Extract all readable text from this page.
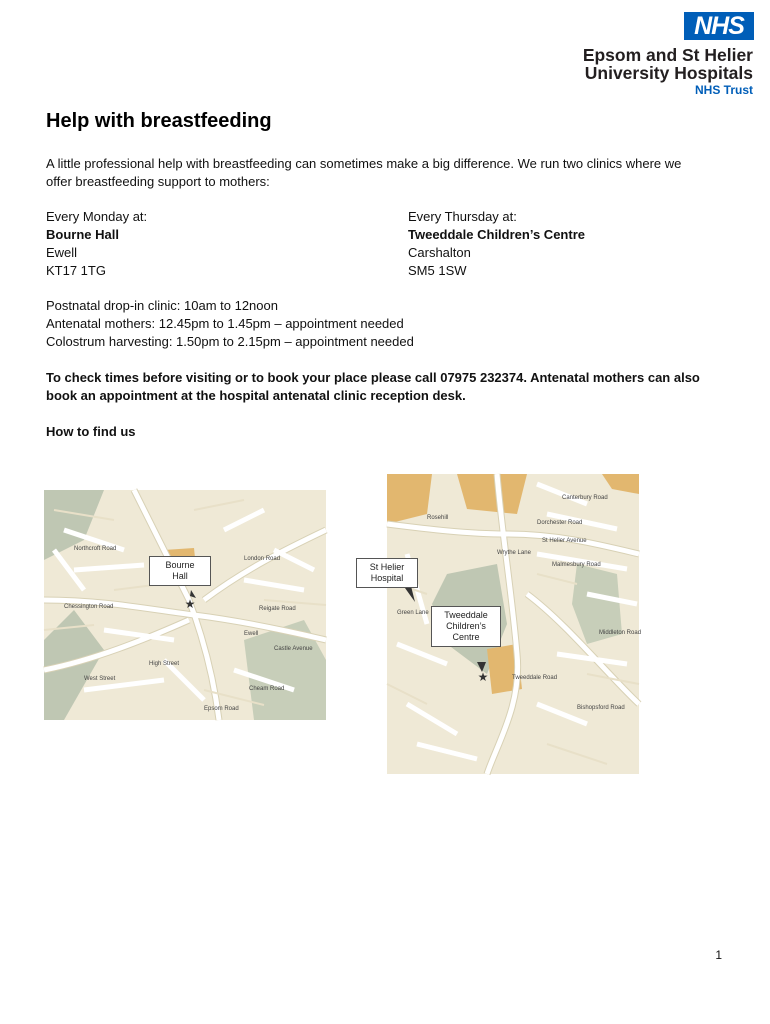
NHS
Epsom and St Helier
University Hospitals
NHS Trust
Help with breastfeeding
A little professional help with breastfeeding can sometimes make a big difference. We run two clinics where we offer breastfeeding support to mothers:
Every Monday at:
Bourne Hall
Ewell
KT17 1TG
Every Thursday at:
Tweeddale Children’s Centre
Carshalton
SM5 1SW
Postnatal drop-in clinic: 10am to 12noon
Antenatal mothers: 12.45pm to 1.45pm – appointment needed
Colostrum harvesting: 1.50pm to 2.15pm – appointment needed
To check times before visiting or to book your place please call 07975 232374. Antenatal mothers can also book an appointment at the hospital antenatal clinic reception desk.
How to find us
Northcroft Road
Chessington Road
Ewell
London Road
Castle Avenue
Epsom Road
High Street
West Street
Reigate Road
Cheam Road
★
Bourne
Hall
St Helier Avenue
Wrythe Lane
Malmesbury Road
Middleton Road
Tweeddale Road
Green Lane
Canterbury Road
Dorchester Road
Rosehill
Bishopsford Road
★
St Helier
Hospital
Tweeddale
Children’s
Centre
1
